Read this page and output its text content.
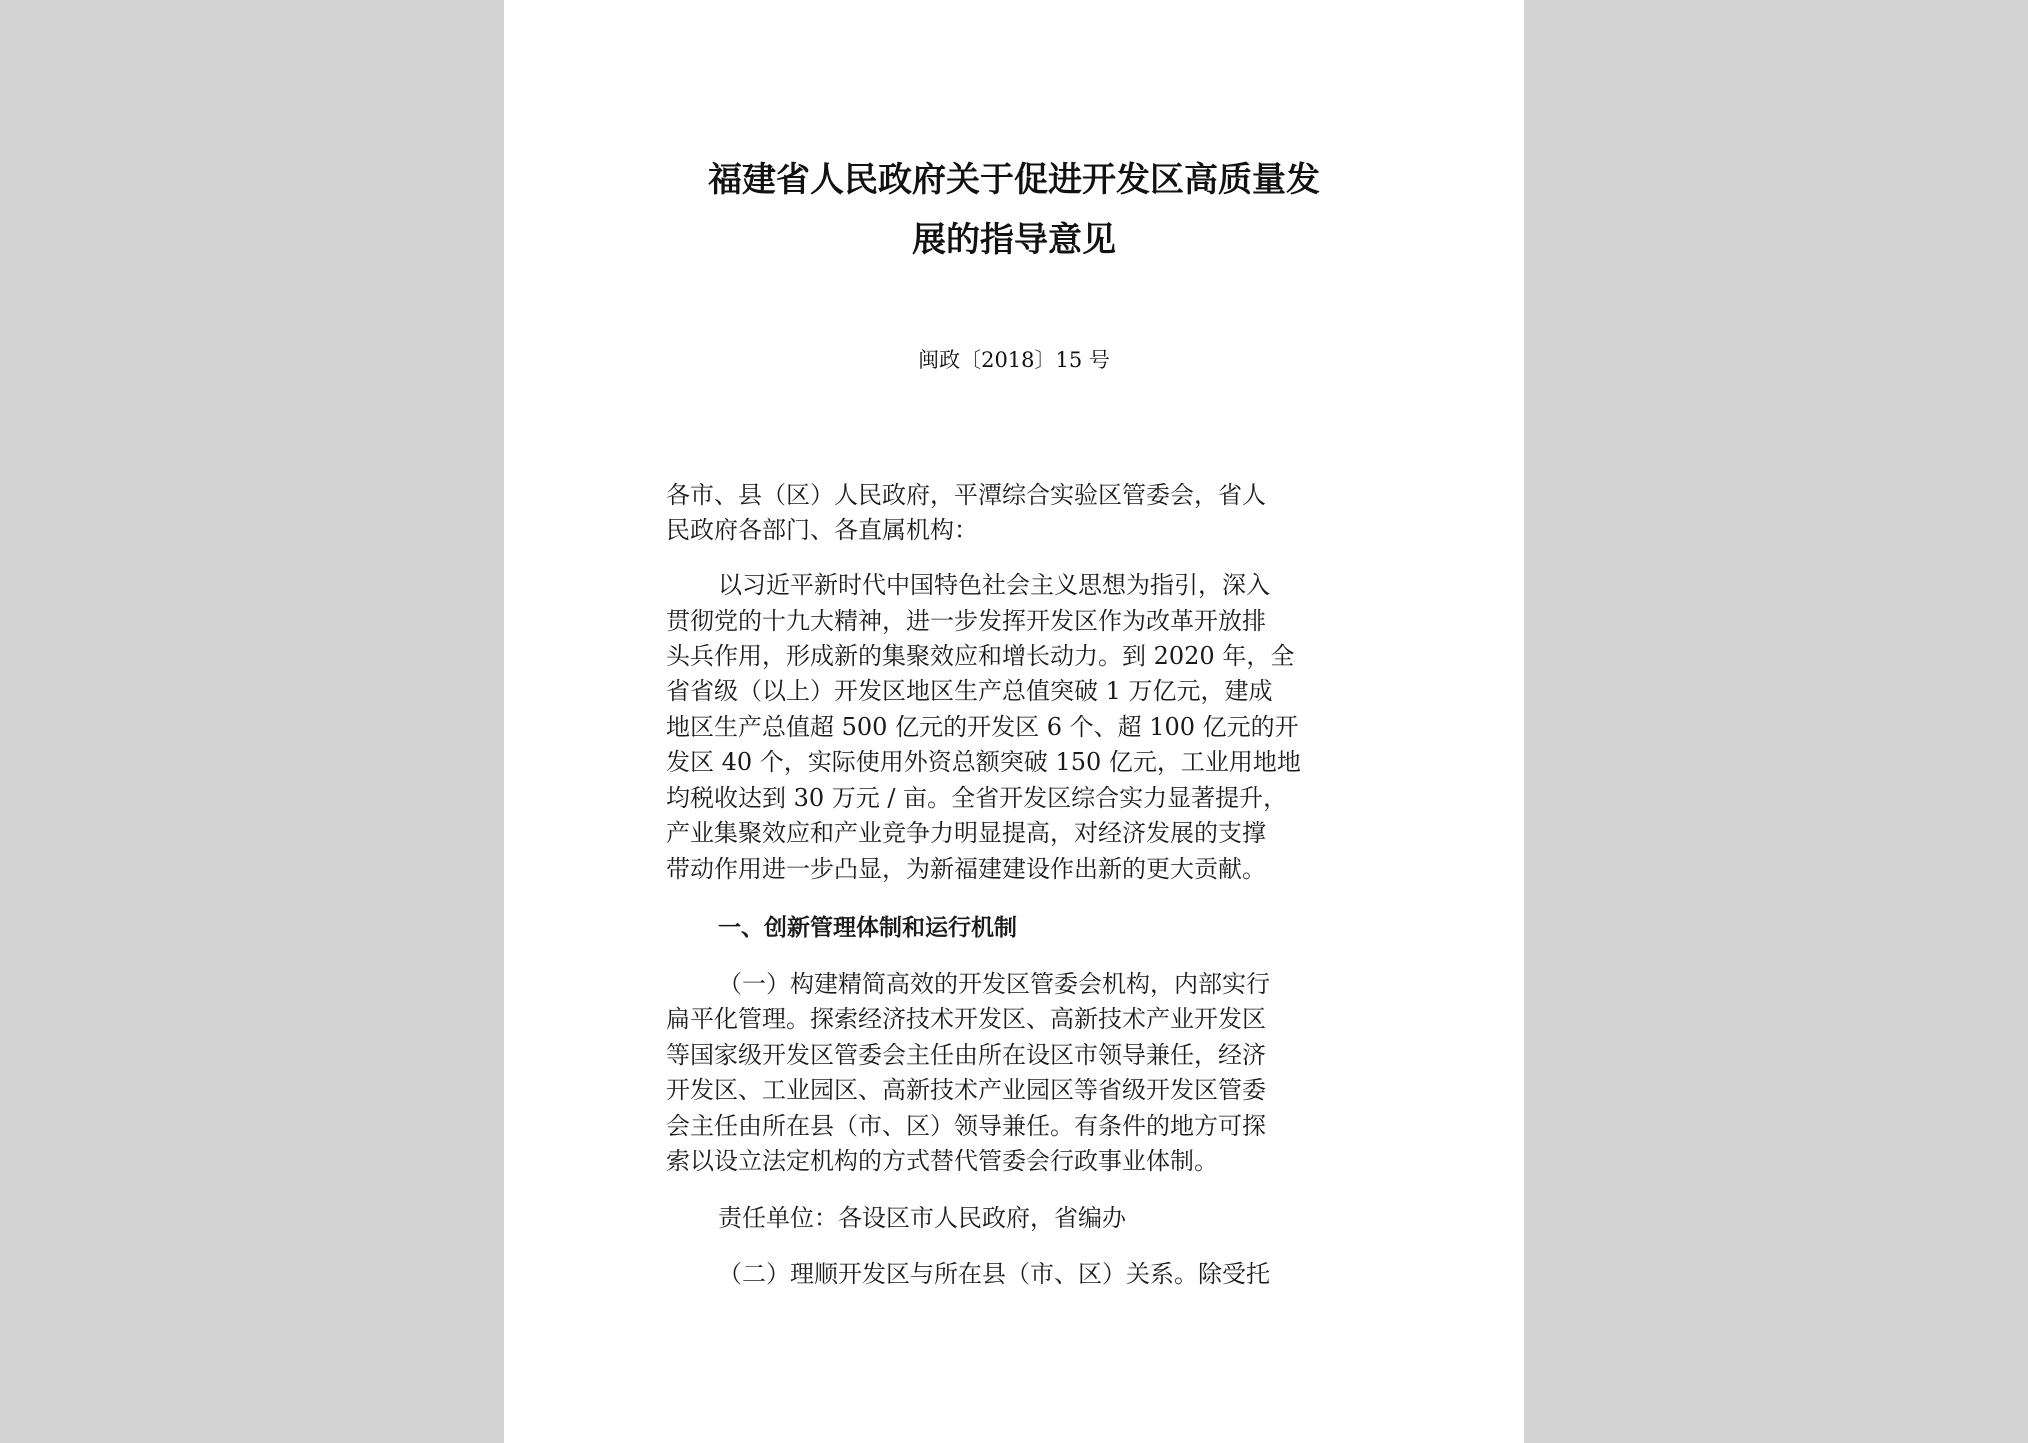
福建省人民政府关于促进开发区高质量发
展的指导意见
闽政〔2018〕15 号
各市、县（区）人民政府，平潭综合实验区管委会，省人
民政府各部门、各直属机构：
以习近平新时代中国特色社会主义思想为指引，深入
贯彻党的十九大精神，进一步发挥开发区作为改革开放排
头兵作用，形成新的集聚效应和增长动力。到 2020 年，全
省省级（以上）开发区地区生产总值突破 1 万亿元，建成
地区生产总值超 500 亿元的开发区 6 个、超 100 亿元的开
发区 40 个，实际使用外资总额突破 150 亿元，工业用地地
均税收达到 30 万元 / 亩。全省开发区综合实力显著提升，
产业集聚效应和产业竞争力明显提高，对经济发展的支撑
带动作用进一步凸显，为新福建建设作出新的更大贡献。
一、创新管理体制和运行机制
（一）构建精简高效的开发区管委会机构，内部实行
扁平化管理。探索经济技术开发区、高新技术产业开发区
等国家级开发区管委会主任由所在设区市领导兼任，经济
开发区、工业园区、高新技术产业园区等省级开发区管委
会主任由所在县（市、区）领导兼任。有条件的地方可探
索以设立法定机构的方式替代管委会行政事业体制。
责任单位：各设区市人民政府，省编办
（二）理顺开发区与所在县（市、区）关系。除受托
